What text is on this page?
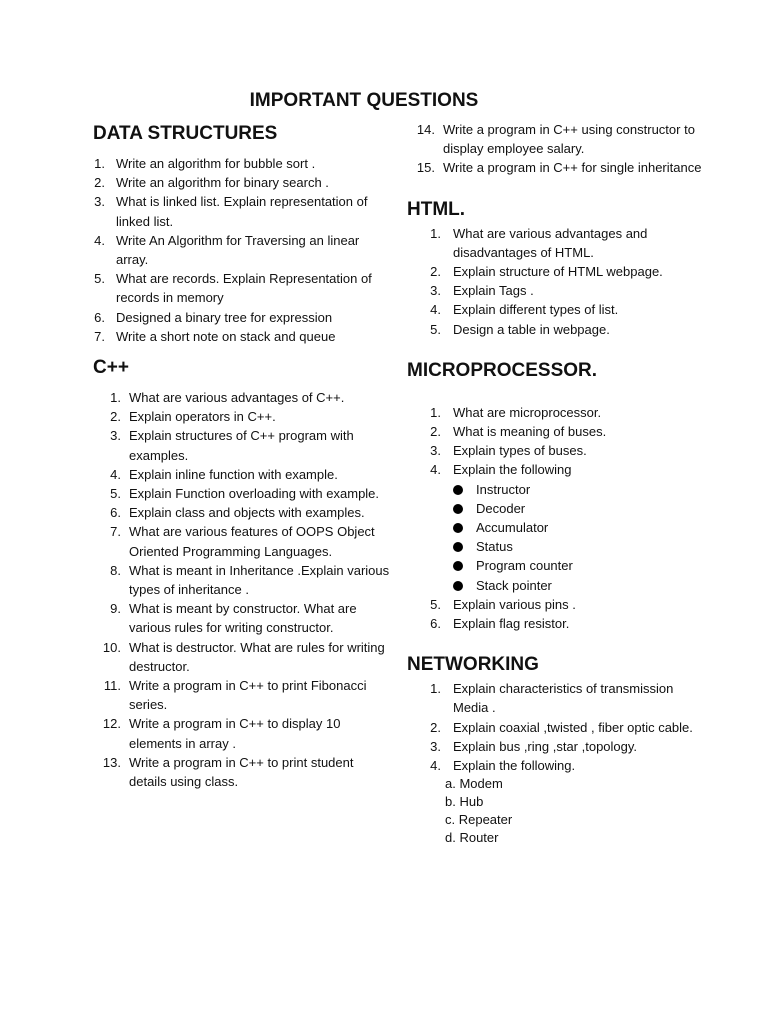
IMPORTANT QUESTIONS
DATA STRUCTURES
1. Write an algorithm for bubble sort .
2. Write an algorithm for binary search .
3. What is linked list. Explain representation of linked list.
4. Write An Algorithm for Traversing an linear array.
5. What are records. Explain Representation of records in memory
6. Designed a binary tree for expression
7. Write a short note on stack and queue
C++
1. What are various advantages of C++.
2. Explain operators in C++.
3. Explain structures of C++ program with examples.
4. Explain inline function with example.
5. Explain Function overloading with example.
6. Explain class and objects with examples.
7. What are various features of OOPS Object Oriented Programming Languages.
8. What is meant in Inheritance .Explain various types of inheritance .
9. What is meant by constructor. What are various rules for writing constructor.
10. What is destructor. What are rules for writing destructor.
11. Write a program in C++ to print Fibonacci series.
12. Write a program in C++ to display 10 elements in array .
13. Write a program in C++ to print student details using class.
14. Write a program in C++ using constructor to display employee salary.
15. Write a program in C++ for single inheritance
HTML.
1. What are various advantages and disadvantages of HTML.
2. Explain structure of HTML webpage.
3. Explain Tags .
4. Explain different types of list.
5. Design a table in webpage.
MICROPROCESSOR.
1. What are microprocessor.
2. What is meaning of buses.
3. Explain types of buses.
4. Explain the following
Instructor
Decoder
Accumulator
Status
Program counter
Stack pointer
5. Explain various pins .
6. Explain flag resistor.
NETWORKING
1. Explain characteristics of transmission Media .
2. Explain coaxial ,twisted , fiber optic cable.
3. Explain bus ,ring ,star ,topology.
4. Explain the following.
a. Modem
b. Hub
c. Repeater
d. Router
